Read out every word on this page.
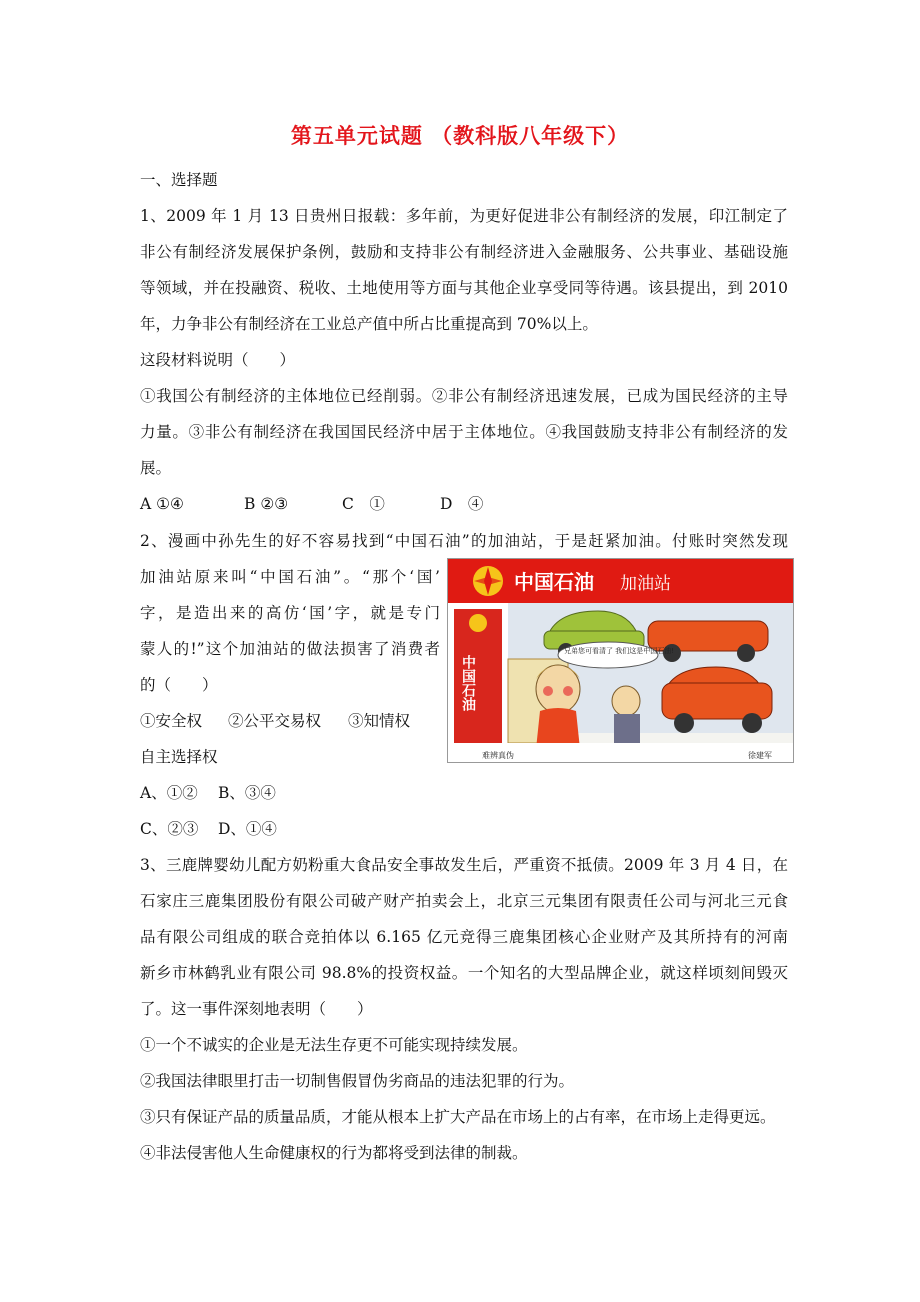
第五单元试题 （教科版八年级下）
一、选择题
1、2009 年 1 月 13 日贵州日报载：多年前，为更好促进非公有制经济的发展，印江制定了
非公有制经济发展保护条例，鼓励和支持非公有制经济进入金融服务、公共事业、基础设施
等领域，并在投融资、税收、土地使用等方面与其他企业享受同等待遇。该县提出，到 2010
年，力争非公有制经济在工业总产值中所占比重提高到 70%以上。
这段材料说明（　　）
①我国公有制经济的主体地位已经削弱。②非公有制经济迅速发展，已成为国民经济的主导
力量。③非公有制经济在我国国民经济中居于主体地位。④我国鼓励支持非公有制经济的发
展。
A ①④	B ②③	C　①	D　④
2、漫画中孙先生的好不容易找到“中国石油”的加油站，于是赶紧加油。付账时突然发现
加油站原来叫“中国石油”。“那个‘国’
字，是造出来的高仿‘国’字，就是专门
蒙人的!”这个加油站的做法损害了消费者
的（　　）
①安全权 ②公平交易权 ③知情权
自主选择权
A、①② B、③④
C、②③ D、①④
中国石油 加油站
中国石油
兄弟您可看清了 我们这是中国石油!
难辨真伪	徐建军
3、三鹿牌婴幼儿配方奶粉重大食品安全事故发生后，严重资不抵债。2009 年 3 月 4 日，在
石家庄三鹿集团股份有限公司破产财产拍卖会上，北京三元集团有限责任公司与河北三元食
品有限公司组成的联合竞拍体以 6.165 亿元竞得三鹿集团核心企业财产及其所持有的河南
新乡市林鹤乳业有限公司 98.8%的投资权益。一个知名的大型品牌企业，就这样顷刻间毁灭
了。这一事件深刻地表明（　　）
①一个不诚实的企业是无法生存更不可能实现持续发展。
②我国法律眼里打击一切制售假冒伪劣商品的违法犯罪的行为。
③只有保证产品的质量品质，才能从根本上扩大产品在市场上的占有率，在市场上走得更远。
④非法侵害他人生命健康权的行为都将受到法律的制裁。
